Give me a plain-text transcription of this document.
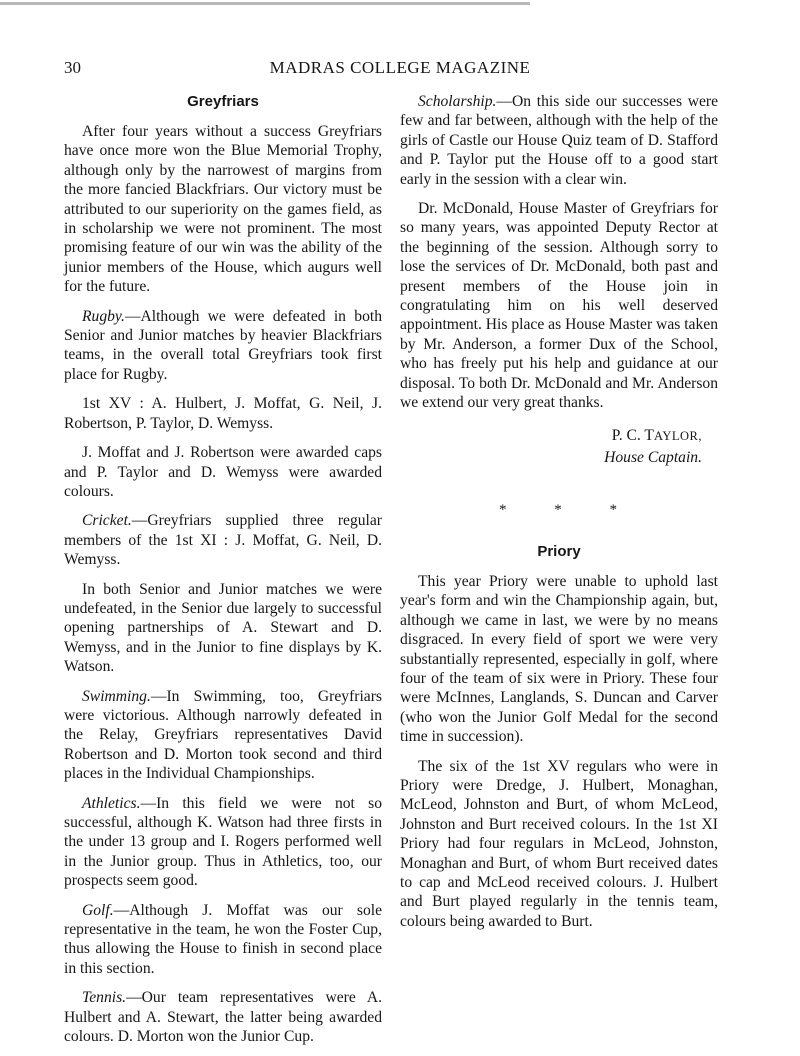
30	MADRAS COLLEGE MAGAZINE
Greyfriars

After four years without a success Greyfriars have once more won the Blue Memorial Trophy, although only by the narrowest of margins from the more fancied Blackfriars. Our victory must be attributed to our superiority on the games field, as in scholarship we were not prominent. The most promising feature of our win was the ability of the junior members of the House, which augurs well for the future.

Rugby.—Although we were defeated in both Senior and Junior matches by heavier Blackfriars teams, in the overall total Greyfriars took first place for Rugby.

1st XV : A. Hulbert, J. Moffat, G. Neil, J. Robertson, P. Taylor, D. Wemyss.

J. Moffat and J. Robertson were awarded caps and P. Taylor and D. Wemyss were awarded colours.

Cricket.—Greyfriars supplied three regular members of the 1st XI : J. Moffat, G. Neil, D. Wemyss.

In both Senior and Junior matches we were undefeated, in the Senior due largely to successful opening partnerships of A. Stewart and D. Wemyss, and in the Junior to fine displays by K. Watson.

Swimming.—In Swimming, too, Greyfriars were victorious. Although narrowly defeated in the Relay, Greyfriars representatives David Robertson and D. Morton took second and third places in the Individual Championships.

Athletics.—In this field we were not so successful, although K. Watson had three firsts in the under 13 group and I. Rogers performed well in the Junior group. Thus in Athletics, too, our prospects seem good.

Golf.—Although J. Moffat was our sole representative in the team, he won the Foster Cup, thus allowing the House to finish in second place in this section.

Tennis.—Our team representatives were A. Hulbert and A. Stewart, the latter being awarded colours. D. Morton won the Junior Cup.

Scholarship.—On this side our successes were few and far between, although with the help of the girls of Castle our House Quiz team of D. Stafford and P. Taylor put the House off to a good start early in the session with a clear win.

Dr. McDonald, House Master of Greyfriars for so many years, was appointed Deputy Rector at the beginning of the session. Although sorry to lose the services of Dr. McDonald, both past and present members of the House join in congratulating him on his well deserved appointment. His place as House Master was taken by Mr. Anderson, a former Dux of the School, who has freely put his help and guidance at our disposal. To both Dr. McDonald and Mr. Anderson we extend our very great thanks.

P. C. TAYLOR,
House Captain.
* * *
Priory

This year Priory were unable to uphold last year's form and win the Championship again, but, although we came in last, we were by no means disgraced. In every field of sport we were very substantially represented, especially in golf, where four of the team of six were in Priory. These four were McInnes, Langlands, S. Duncan and Carver (who won the Junior Golf Medal for the second time in succession).

The six of the 1st XV regulars who were in Priory were Dredge, J. Hulbert, Monaghan, McLeod, Johnston and Burt, of whom McLeod, Johnston and Burt received colours. In the 1st XI Priory had four regulars in McLeod, Johnston, Monaghan and Burt, of whom Burt received dates to cap and McLeod received colours. J. Hulbert and Burt played regularly in the tennis team, colours being awarded to Burt.
